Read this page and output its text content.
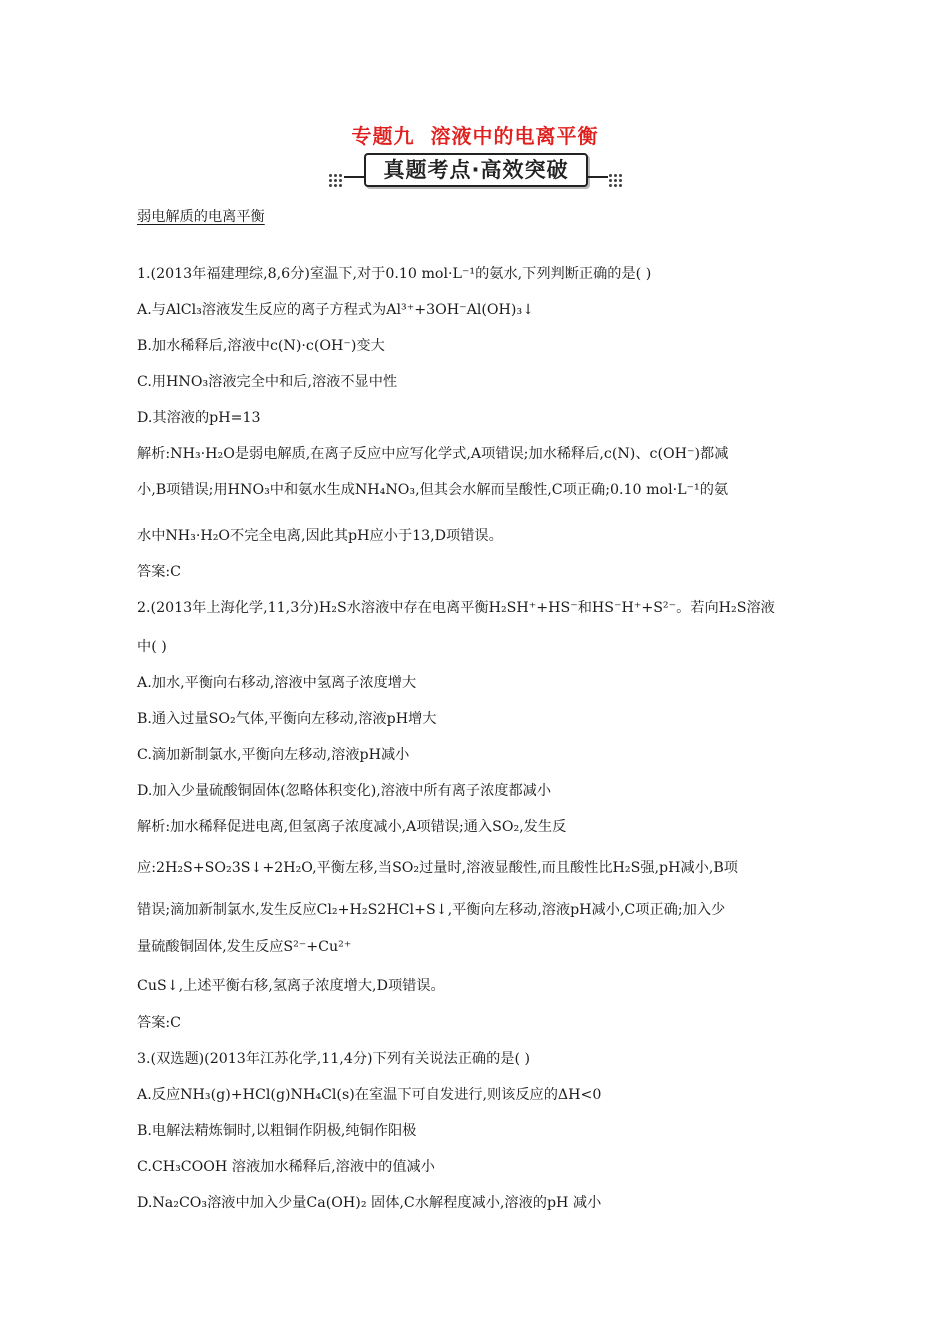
专题九  溶液中的电离平衡
真题考点·高效突破
弱电解质的电离平衡
1.(2013年福建理综,8,6分)室温下,对于0.10 mol·L⁻¹的氨水,下列判断正确的是( )
A.与AlCl₃溶液发生反应的离子方程式为Al³⁺+3OH⁻Al(OH)₃↓
B.加水稀释后,溶液中c(N)·c(OH⁻)变大
C.用HNO₃溶液完全中和后,溶液不显中性
D.其溶液的pH=13
解析:NH₃·H₂O是弱电解质,在离子反应中应写化学式,A项错误;加水稀释后,c(N)、c(OH⁻)都减
小,B项错误;用HNO₃中和氨水生成NH₄NO₃,但其会水解而呈酸性,C项正确;0.10 mol·L⁻¹的氨
水中NH₃·H₂O不完全电离,因此其pH应小于13,D项错误。
答案:C
2.(2013年上海化学,11,3分)H₂S水溶液中存在电离平衡H₂SH⁺+HS⁻和HS⁻H⁺+S²⁻。若向H₂S溶液
中( )
A.加水,平衡向右移动,溶液中氢离子浓度增大
B.通入过量SO₂气体,平衡向左移动,溶液pH增大
C.滴加新制氯水,平衡向左移动,溶液pH减小
D.加入少量硫酸铜固体(忽略体积变化),溶液中所有离子浓度都减小
解析:加水稀释促进电离,但氢离子浓度减小,A项错误;通入SO₂,发生反
应:2H₂S+SO₂3S↓+2H₂O,平衡左移,当SO₂过量时,溶液显酸性,而且酸性比H₂S强,pH减小,B项
错误;滴加新制氯水,发生反应Cl₂+H₂S2HCl+S↓,平衡向左移动,溶液pH减小,C项正确;加入少
量硫酸铜固体,发生反应S²⁻+Cu²⁺
CuS↓,上述平衡右移,氢离子浓度增大,D项错误。
答案:C
3.(双选题)(2013年江苏化学,11,4分)下列有关说法正确的是( )
A.反应NH₃(g)+HCl(g)NH₄Cl(s)在室温下可自发进行,则该反应的ΔH<0
B.电解法精炼铜时,以粗铜作阴极,纯铜作阳极
C.CH₃COOH 溶液加水稀释后,溶液中的值减小
D.Na₂CO₃溶液中加入少量Ca(OH)₂ 固体,C水解程度减小,溶液的pH 减小
